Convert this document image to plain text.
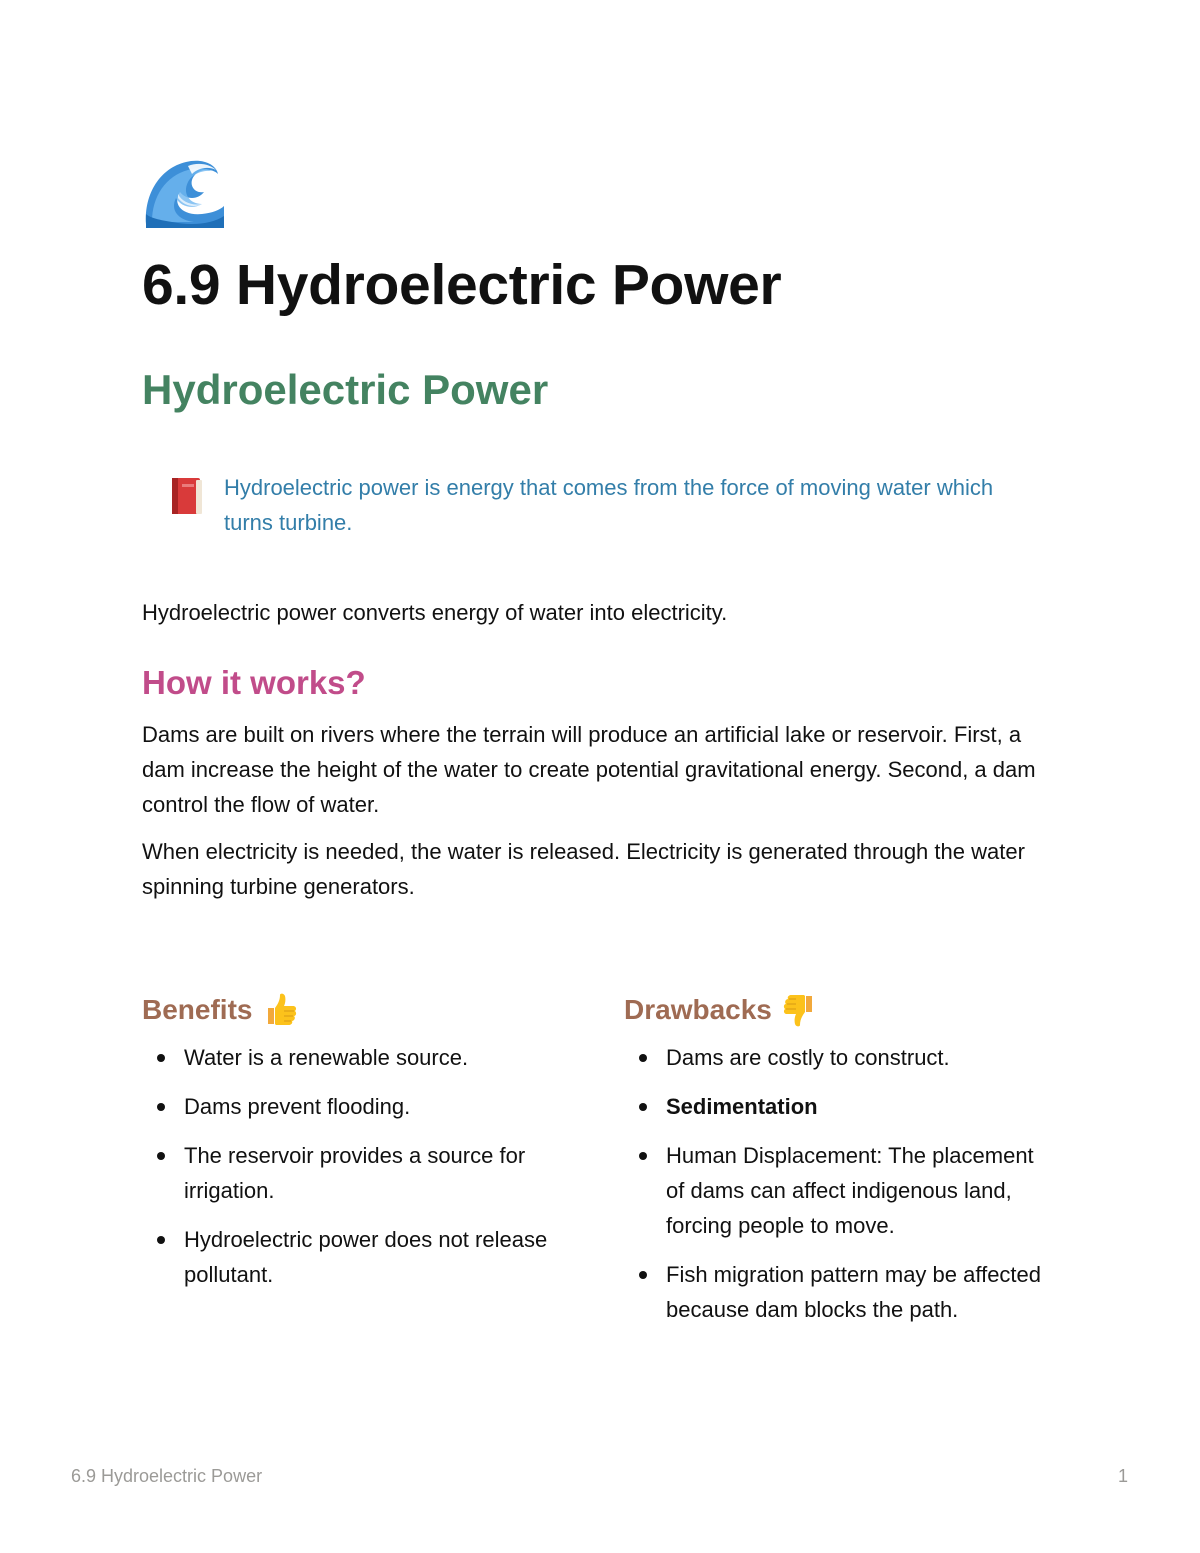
6.9 Hydroelectric Power
Hydroelectric Power
Hydroelectric power is energy that comes from the force of moving water which turns turbine.

Hydroelectric power converts energy of water into electricity.

How it works?

Dams are built on rivers where the terrain will produce an artificial lake or reservoir. First, a dam increase the height of the water to create potential gravitational energy. Second, a dam control the flow of water.

When electricity is needed, the water is released. Electricity is generated through the water spinning turbine generators.

Benefits
Water is a renewable source.
Dams prevent flooding.
The reservoir provides a source for irrigation.
Hydroelectric power does not release pollutant.
Drawbacks
Dams are costly to construct.
Sedimentation
Human Displacement: The placement of dams can affect indigenous land, forcing people to move.
Fish migration pattern may be affected because dam blocks the path.
6.9 Hydroelectric Power	1
